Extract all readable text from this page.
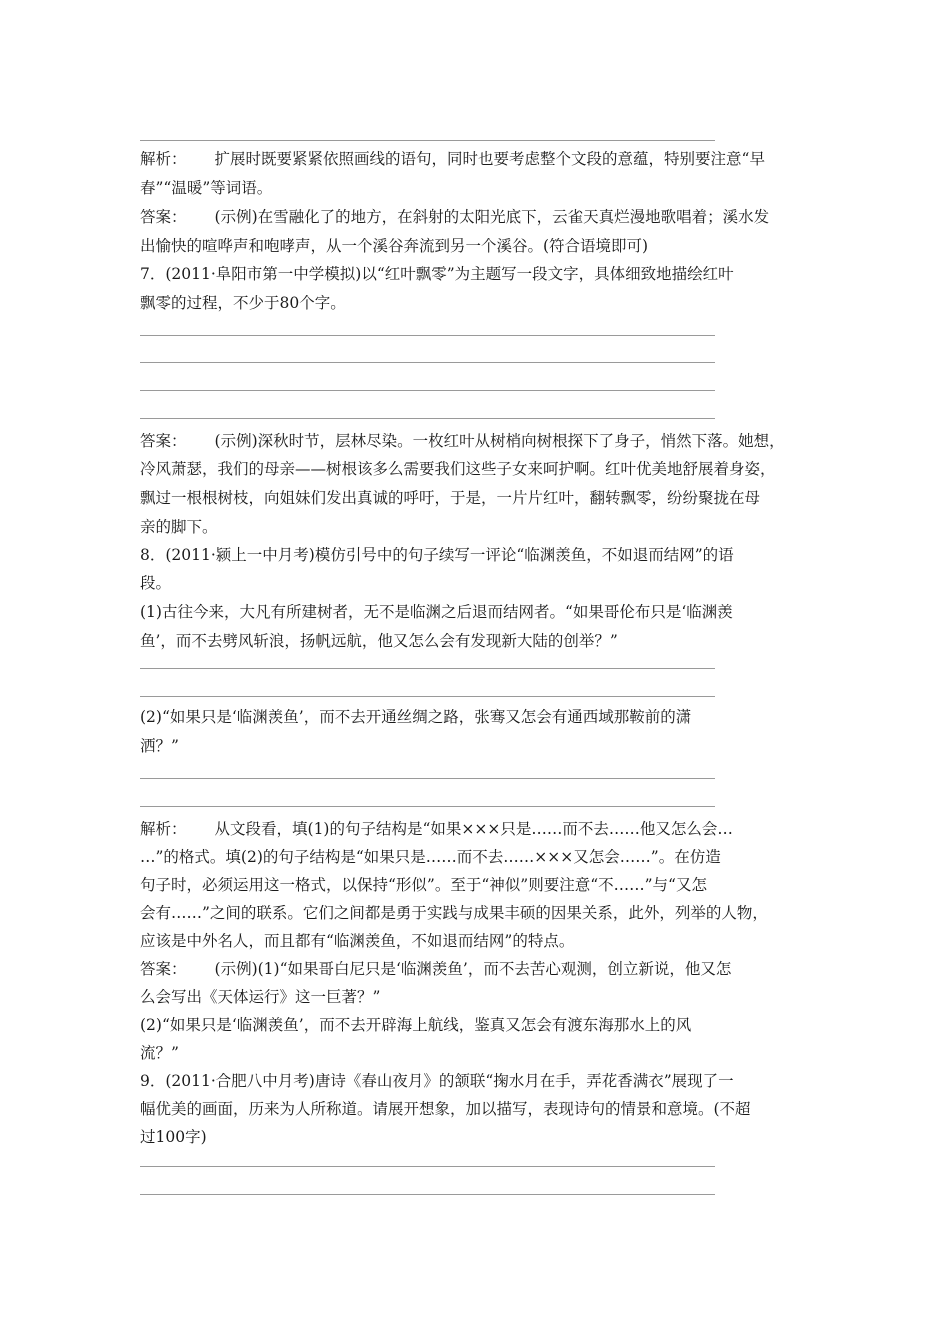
解析： 扩展时既要紧紧依照画线的语句，同时也要考虑整个文段的意蕴，特别要注意“早
春”“温暖”等词语。
答案： (示例)在雪融化了的地方，在斜射的太阳光底下，云雀天真烂漫地歌唱着；溪水发
出愉快的喧哗声和咆哮声，从一个溪谷奔流到另一个溪谷。(符合语境即可)
7．(2011·阜阳市第一中学模拟)以“红叶飘零”为主题写一段文字，具体细致地描绘红叶
飘零的过程，不少于80个字。
答案： (示例)深秋时节，层林尽染。一枚红叶从树梢向树根探下了身子，悄然下落。她想，
冷风萧瑟，我们的母亲——树根该多么需要我们这些子女来呵护啊。红叶优美地舒展着身姿，
飘过一根根树枝，向姐妹们发出真诚的呼吁，于是，一片片红叶，翻转飘零，纷纷聚拢在母
亲的脚下。
8．(2011·颍上一中月考)模仿引号中的句子续写一评论“临渊羡鱼，不如退而结网”的语
段。
(1)古往今来，大凡有所建树者，无不是临渊之后退而结网者。“如果哥伦布只是‘临渊羡
鱼’，而不去劈风斩浪，扬帆远航，他又怎么会有发现新大陆的创举？”
(2)“如果只是‘临渊羡鱼’，而不去开通丝绸之路，张骞又怎会有通西域那鞍前的潇
洒？”
解析： 从文段看，填(1)的句子结构是“如果×××只是……而不去……他又怎么会…
…”的格式。填(2)的句子结构是“如果只是……而不去……×××又怎会……”。在仿造
句子时，必须运用这一格式，以保持“形似”。至于“神似”则要注意“不……”与“又怎
会有……”之间的联系。它们之间都是勇于实践与成果丰硕的因果关系，此外，列举的人物，
应该是中外名人，而且都有“临渊羡鱼，不如退而结网”的特点。
答案： (示例)(1)“如果哥白尼只是‘临渊羡鱼’，而不去苦心观测，创立新说，他又怎
么会写出《天体运行》这一巨著？”
(2)“如果只是‘临渊羡鱼’，而不去开辟海上航线，鉴真又怎会有渡东海那水上的风
流？”
9．(2011·合肥八中月考)唐诗《春山夜月》的颔联“掬水月在手，弄花香满衣”展现了一
幅优美的画面，历来为人所称道。请展开想象，加以描写，表现诗句的情景和意境。(不超
过100字)
